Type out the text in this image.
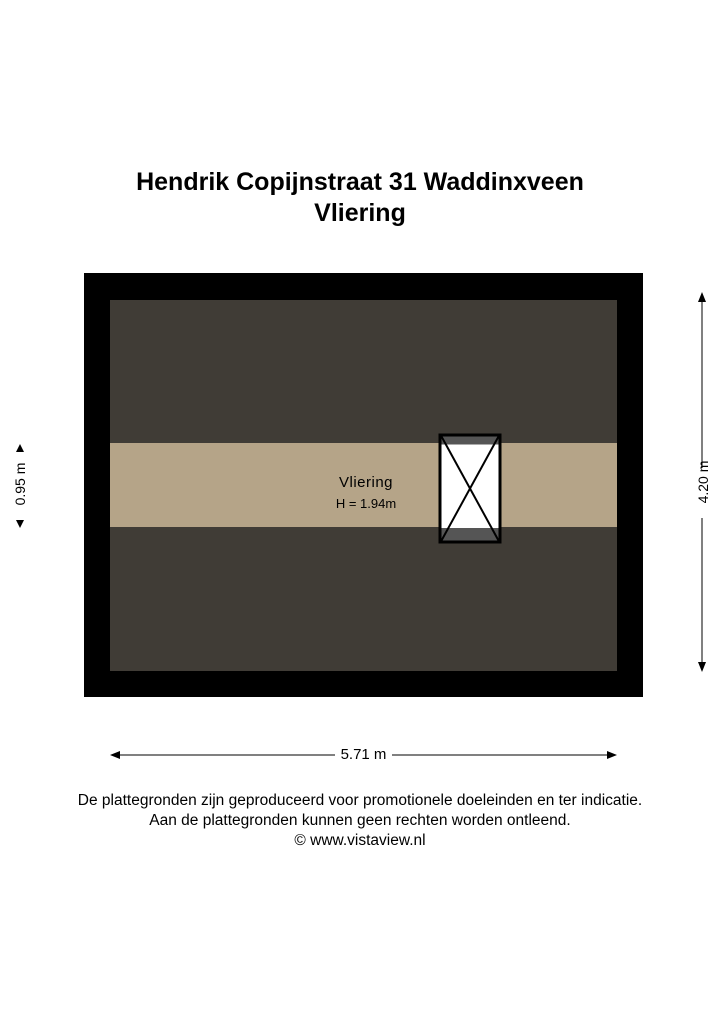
Hendrik Copijnstraat 31 Waddinxveen
Vliering
Vliering
H = 1.94m
0.95 m	4.20 m
5.71 m
De plattegronden zijn geproduceerd voor promotionele doeleinden en ter indicatie.
Aan de plattegronden kunnen geen rechten worden ontleend.
© www.vistaview.nl
